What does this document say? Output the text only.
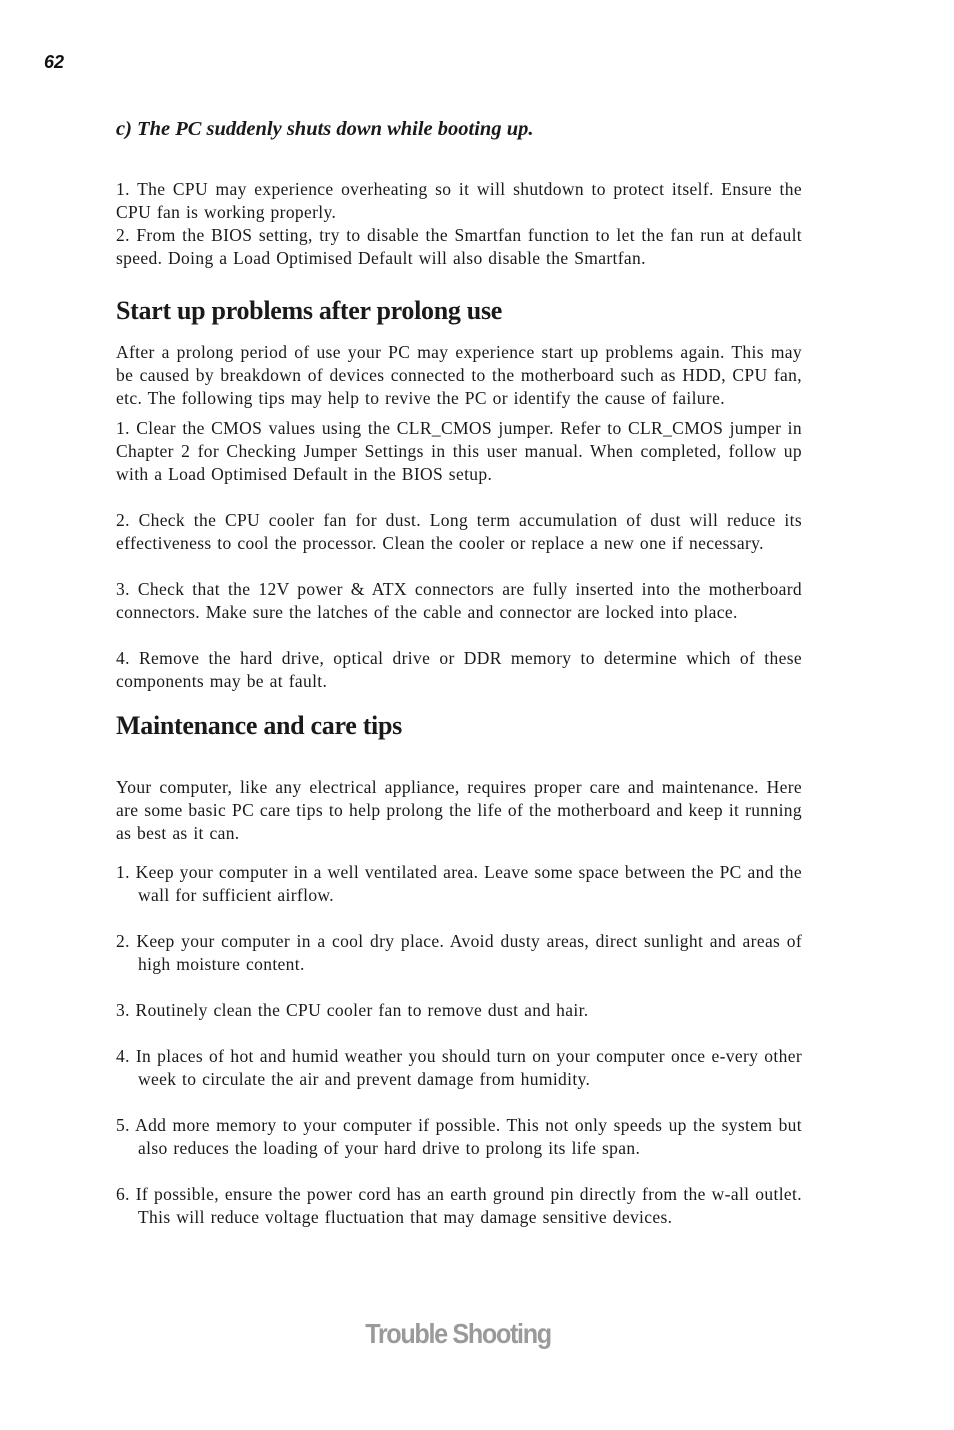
62
c) The PC suddenly shuts down while booting up.

1. The CPU may experience overheating so it will shutdown to protect itself. Ensure the CPU fan is working properly.

2. From the BIOS setting, try to disable the Smartfan function to let the fan run at default speed. Doing a Load Optimised Default will also disable the Smartfan.

Start up problems after prolong use

After a prolong period of use your PC may experience start up problems again. This may be caused by breakdown of devices connected to the motherboard such as HDD, CPU fan, etc. The following tips may help to revive the PC or identify the cause of failure.

1. Clear the CMOS values using the CLR_CMOS jumper. Refer to CLR_CMOS jumper in Chapter 2 for Checking Jumper Settings in this user manual. When completed, follow up with a Load Optimised Default in the BIOS setup.

2. Check the CPU cooler fan for dust. Long term accumulation of dust will reduce its effectiveness to cool the processor. Clean the cooler or replace a new one if necessary.

3. Check that the 12V power & ATX connectors are fully inserted into the motherboard connectors. Make sure the latches of the cable and connector are locked into place.

4. Remove the hard drive, optical drive or DDR memory to determine which of these components may be at fault.

Maintenance and care tips

Your computer, like any electrical appliance, requires proper care and maintenance. Here are some basic PC care tips to help prolong the life of the motherboard and keep it running as best as it can.

1. Keep your computer in a well ventilated area. Leave some space between the PC and the wall for sufficient airflow.

2. Keep your computer in a cool dry place. Avoid dusty areas, direct sunlight and areas of high moisture content.

3. Routinely clean the CPU cooler fan to remove dust and hair.

4. In places of hot and humid weather you should turn on your computer once e-very other week to circulate the air and prevent damage from humidity.

5. Add more memory to your computer if possible. This not only speeds up the system but also reduces the loading of your hard drive to prolong its life span.

6. If possible, ensure the power cord has an earth ground pin directly from the w-all outlet. This will reduce voltage fluctuation that may damage sensitive devices.

Trouble Shooting
